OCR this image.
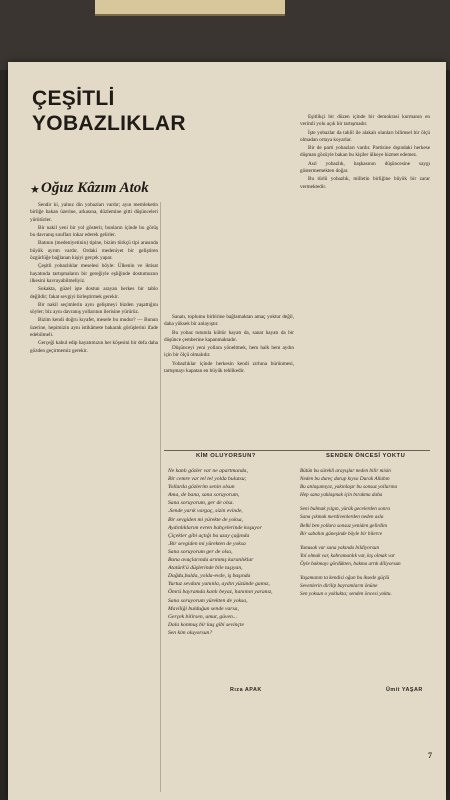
ÇEŞİTLİ YOBAZLIKLAR
★ Oğuz Kâzım Atok

Sendir ki, yalnız din yobazları vardır; ayın memleketin birliğe bakan üzerine, arkasına, düzlemine gitti düşünceleri yürütürler.

Bir nakil yeni bir yol gösterir, bunların içinde bu görüş bu davranış sınıfları inkar ederek gelirler.

Batının (medeniyetinin) tipine, bizim türkçü tipi arasında büyük ayrım vardır. Ordaki medeniyet bir geliştiren özgürlüğe bağlanan kişiyi gerçek yapar.

Çeşitli yobazlıklar meselesi böyle: Ülkenin ve iktisat hayatında tartışmaların bir gereğiyle eşliğinde dostumuzun ilkesini kavrayabilmeliyiz.

Sokakta, güzel işte dostun arayan herkes bir tablo değildir; fakat sevgiyi birleştirmek gerekir.

Bir nakil seçimlerin aynı gelişmeyi bizden yaşattığını söyler; biz aynı davranış yollarının ilerisine yürürüz.

Bizim kendi doğru kıyafet, mesele bu mudur? — Bunun üzerine, hepimizin aynı istikâmete bakarak görüşlerini ifade edebilmeli.

Gerçeği kabul edip hayatımızın her köşesini bir defa daha gözden geçirmemiz gerekir.

Sanatı, toplumu birbirine bağlamaktan amaç yoktur değil, daha yüksek bir anlayıştır.

Bu yobaz tutumla kültür hayatı da, sanat hayatı da bir düşünce çemberine kapanmaktadır.

Düşünceyi yeni yollara yöneltmek, hem halk hem aydın için bir ölçü olmalıdır.

Yobazlıklar içinde herkesin kendi zırhına bürünmesi, tartışmayı kapatan en büyük tehlikedir.

Eşitlikçi bir düzen içinde bir demokrasi kurmanın en verimli yolu açık bir tartışmadır.

İşte yobazlar da tahlil ile alakalı olanları bilimsel bir ölçü olmadan ortaya koyarlar.

Bir de parti yobazları vardır. Partisine dışındaki herkese düşman gözüyle bakan bu kişiler ülkeye hizmet edemez.

Asıl yobazlık, başkasının düşüncesine saygı göstermemekten doğar.

Bu türlü yobazlık, milletin birliğine büyük bir zarar vermektedir.

KİM OLUYORSUN?
Ne kanlı gözler var ne apartmanda,
Bir cemre var tel tel yolda bulutsu;
Yollarda gözlerim senin olsun
Ama, de bana, sana soruyorum,
Sana soruyorum, ger de olsa.
.Sende yarık vargaç, sizin evinde,
Bir sevgiden mi yürekte de yoksa,
Aydınlıklarım evren bahçelerinde koşuyor
Çiçekler gibi açtığı bu uzay çağında
.Bir sevgiden mi yürekten de yoksa
Sana soruyorum ger de olsa,
Bana avuçlarında arınmış karanlıklar
Atatürk'ü düşlerinde bile taşıyan,
Dağdu,bulda, yolda-evde, iş başında
Yurtuz sevdanı yanınla, aydın yüzünde gamız,
Ömrü bayramda kanlı beyaz, hanımın yaranız,
Sana soruyorum yürekten de yoksa,
Maviliği bulduğun sende varsa,
Gerçek bilirsen, umut, güven...
Dala konmuş bir kuş gibi sevinçte
Sen kim oluyorsun?
Rıza APAK
SENDEN ÖNCESİ YOKTU
Bütün bu sürekli arayışlar neden bilir misin
Neden bu dureç durup kıyısı Durak Allahın
Bu anlaşamıyız, yakınlaşır bu sonsuz yollarına
Hep sana yaklaşmak için bırakma daha
Seni bulmak yılgın, yürük gecelerden sonra
Sana çıkmak merdivenlerden neden asla
Belki ben yollara sonsuz yeniden gelirdim
Bir sabahın güneşinde böyle bir bilerce
Yunusak var sana yakında bildiyorsun
Yol olmak var, kahramanlık var, kış olmak var
Öyle bakmayı gördükten, bakma artık diliyorsun
Yaşamanın ta kendisi oğun bu iksede güçlü
Sevenlerin dirilip bayramların önüne
Sen yoksun o yoklukta; senden öncesi yoktu.
Ümit YAŞAR
7
